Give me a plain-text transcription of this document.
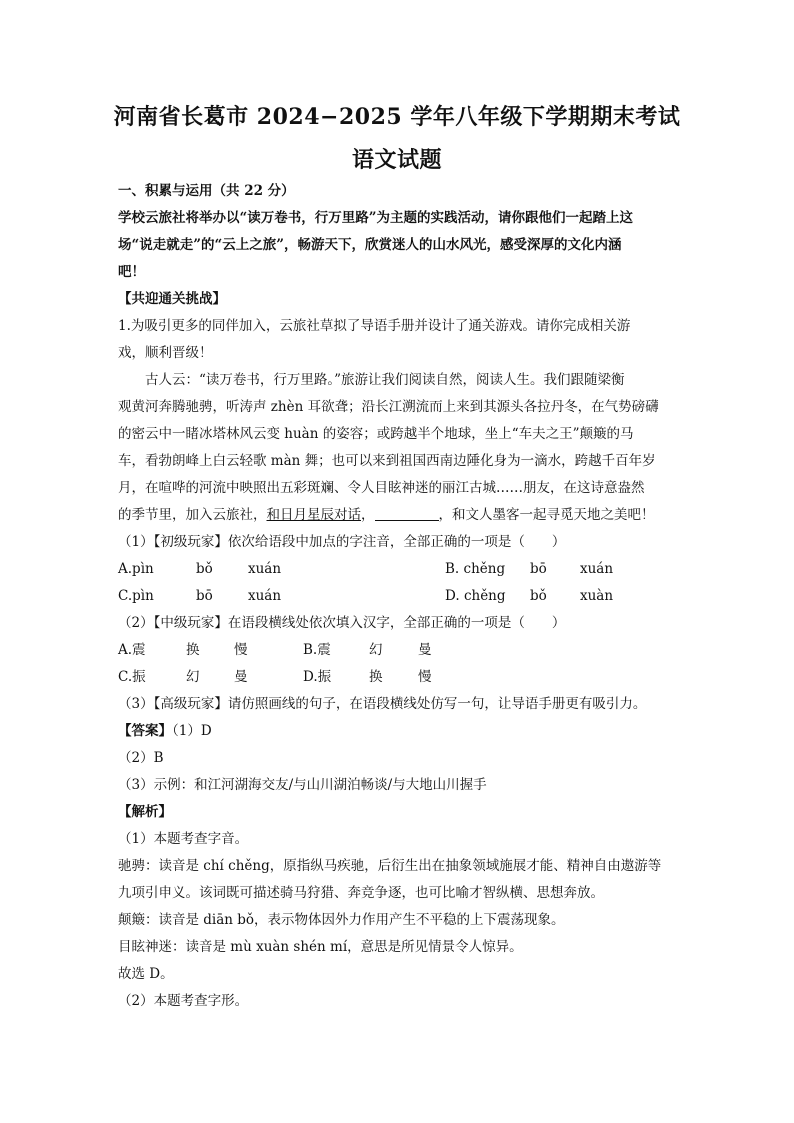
河南省长葛市 2024−2025 学年八年级下学期期末考试
语文试题
一、积累与运用（共 22 分）
学校云旅社将举办以“读万卷书，行万里路”为主题的实践活动，请你跟他们一起踏上这
场“说走就走”的“云上之旅”，畅游天下，欣赏迷人的山水风光，感受深厚的文化内涵
吧！
【共迎通关挑战】
1.为吸引更多的同伴加入，云旅社草拟了导语手册并设计了通关游戏。请你完成相关游
戏，顺利晋级！
古人云：“读万卷书，行万里路。”旅游让我们阅读自然，阅读人生。我们跟随梁衡
观黄河奔腾驰骋，听涛声 zhèn 耳欲聋；沿长江溯流而上来到其源头各拉丹冬，在气势磅礴
的密云中一睹冰塔林风云变 huàn 的姿容；或跨越半个地球，坐上“车夫之王”颠簸的马
车，看勃朗峰上白云轻歌 màn 舞；也可以来到祖国西南边陲化身为一滴水，跨越千百年岁
月，在喧哗的河流中映照出五彩斑斓、令人目眩神迷的丽江古城……朋友，在这诗意盎然
的季节里，加入云旅社，和日月星辰对话，	，和文人墨客一起寻觅天地之美吧！
（1）【初级玩家】依次给语段中加点的字注音，全部正确的一项是（　　）
A.pìn	bǒ	xuán	B. chěng bō xuán
C.pìn	bō	xuán	D. chěng bǒ xuàn
（2）【中级玩家】在语段横线处依次填入汉字，全部正确的一项是（　　）
A.震	换	慢	B.震	幻	曼
C.振	幻	曼	D.振	换	慢
（3）【高级玩家】请仿照画线的句子，在语段横线处仿写一句，让导语手册更有吸引力。
【答案】（1）D
（2）B
（3）示例：和江河湖海交友/与山川湖泊畅谈/与大地山川握手
【解析】
（1）本题考查字音。
驰骋：读音是 chí chěng，原指纵马疾驰，后衍生出在抽象领域施展才能、精神自由遨游等
九项引申义。该词既可描述骑马狩猎、奔竞争逐，也可比喻才智纵横、思想奔放。
颠簸：读音是 diān bǒ，表示物体因外力作用产生不平稳的上下震荡现象。
目眩神迷：读音是 mù xuàn shén mí，意思是所见情景令人惊异。
故选 D。
（2）本题考查字形。
